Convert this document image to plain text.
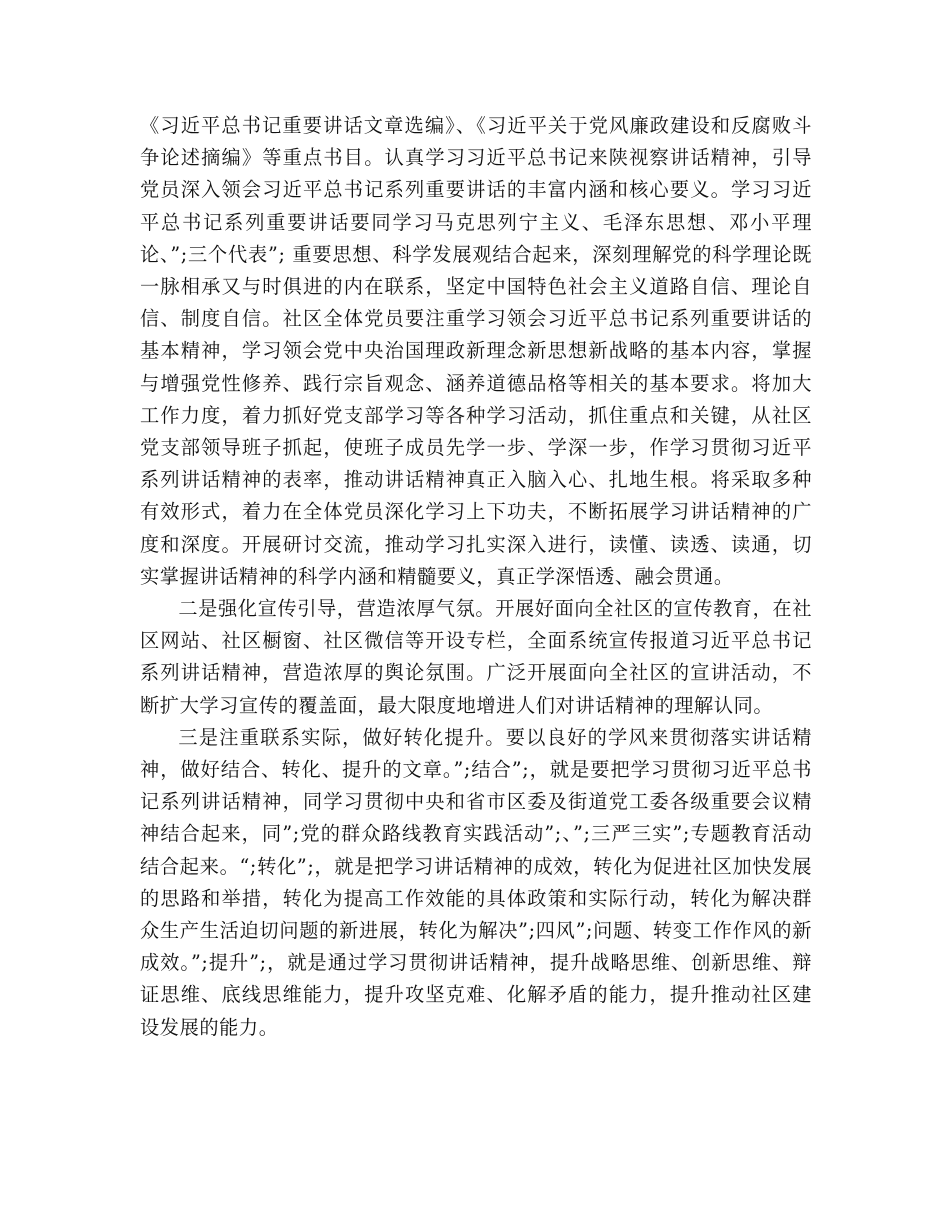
《习近平总书记重要讲话文章选编》、《习近平关于党风廉政建设和反腐败斗争论述摘编》等重点书目。认真学习习近平总书记来陕视察讲话精神，引导党员深入领会习近平总书记系列重要讲话的丰富内涵和核心要义。学习习近平总书记系列重要讲话要同学习马克思列宁主义、毛泽东思想、邓小平理论、”;三个代表”; 重要思想、科学发展观结合起来，深刻理解党的科学理论既一脉相承又与时俱进的内在联系，坚定中国特色社会主义道路自信、理论自信、制度自信。社区全体党员要注重学习领会习近平总书记系列重要讲话的基本精神，学习领会党中央治国理政新理念新思想新战略的基本内容，掌握与增强党性修养、践行宗旨观念、涵养道德品格等相关的基本要求。将加大工作力度，着力抓好党支部学习等各种学习活动，抓住重点和关键，从社区党支部领导班子抓起，使班子成员先学一步、学深一步，作学习贯彻习近平系列讲话精神的表率，推动讲话精神真正入脑入心、扎地生根。将采取多种有效形式，着力在全体党员深化学习上下功夫，不断拓展学习讲话精神的广度和深度。开展研讨交流，推动学习扎实深入进行，读懂、读透、读通，切实掌握讲话精神的科学内涵和精髓要义，真正学深悟透、融会贯通。

二是强化宣传引导，营造浓厚气氛。开展好面向全社区的宣传教育，在社区网站、社区橱窗、社区微信等开设专栏，全面系统宣传报道习近平总书记系列讲话精神，营造浓厚的舆论氛围。广泛开展面向全社区的宣讲活动，不断扩大学习宣传的覆盖面，最大限度地增进人们对讲话精神的理解认同。

三是注重联系实际，做好转化提升。要以良好的学风来贯彻落实讲话精神，做好结合、转化、提升的文章。”;结合”;，就是要把学习贯彻习近平总书记系列讲话精神，同学习贯彻中央和省市区委及街道党工委各级重要会议精神结合起来，同”;党的群众路线教育实践活动”;、”;三严三实”;专题教育活动结合起来。“;转化”;，就是把学习讲话精神的成效，转化为促进社区加快发展的思路和举措，转化为提高工作效能的具体政策和实际行动，转化为解决群众生产生活迫切问题的新进展，转化为解决”;四风”;问题、转变工作作风的新成效。”;提升”;，就是通过学习贯彻讲话精神，提升战略思维、创新思维、辩证思维、底线思维能力，提升攻坚克难、化解矛盾的能力，提升推动社区建设发展的能力。
